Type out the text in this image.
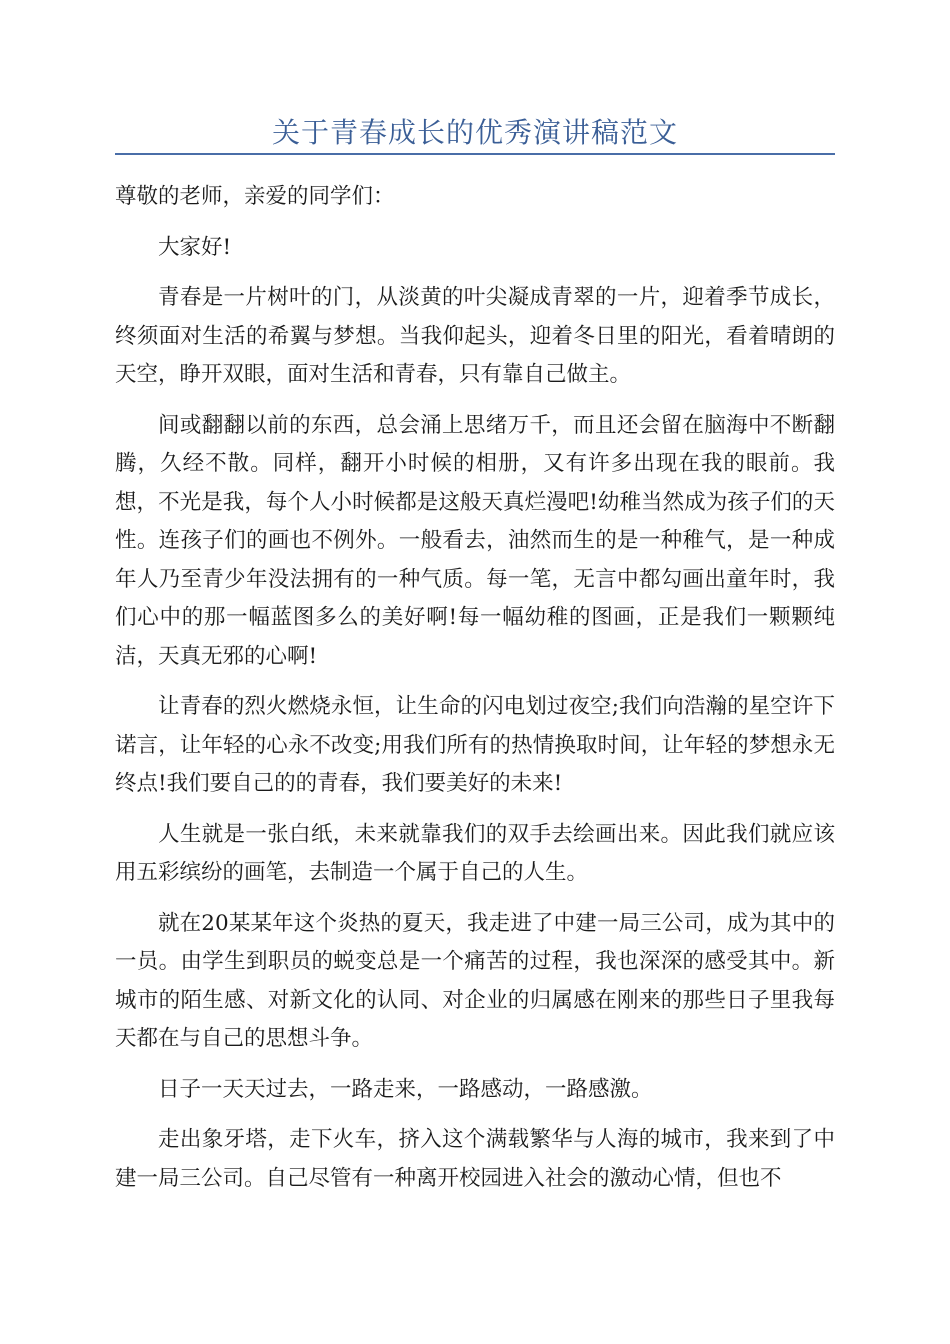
关于青春成长的优秀演讲稿范文

尊敬的老师，亲爱的同学们：

大家好!

青春是一片树叶的门，从淡黄的叶尖凝成青翠的一片，迎着季节成长，终须面对生活的希翼与梦想。当我仰起头，迎着冬日里的阳光，看着晴朗的天空，睁开双眼，面对生活和青春，只有靠自己做主。

间或翻翻以前的东西，总会涌上思绪万千，而且还会留在脑海中不断翻腾，久经不散。同样，翻开小时候的相册，又有许多出现在我的眼前。我想，不光是我，每个人小时候都是这般天真烂漫吧!幼稚当然成为孩子们的天性。连孩子们的画也不例外。一般看去，油然而生的是一种稚气，是一种成年人乃至青少年没法拥有的一种气质。每一笔，无言中都勾画出童年时，我们心中的那一幅蓝图多么的美好啊!每一幅幼稚的图画，正是我们一颗颗纯洁，天真无邪的心啊!

让青春的烈火燃烧永恒，让生命的闪电划过夜空;我们向浩瀚的星空许下诺言，让年轻的心永不改变;用我们所有的热情换取时间，让年轻的梦想永无终点!我们要自己的的青春，我们要美好的未来!

人生就是一张白纸，未来就靠我们的双手去绘画出来。因此我们就应该用五彩缤纷的画笔，去制造一个属于自己的人生。

就在20某某年这个炎热的夏天，我走进了中建一局三公司，成为其中的一员。由学生到职员的蜕变总是一个痛苦的过程，我也深深的感受其中。新城市的陌生感、对新文化的认同、对企业的归属感在刚来的那些日子里我每天都在与自己的思想斗争。

日子一天天过去，一路走来，一路感动，一路感激。

走出象牙塔，走下火车，挤入这个满载繁华与人海的城市，我来到了中建一局三公司。自己尽管有一种离开校园进入社会的激动心情，但也不
